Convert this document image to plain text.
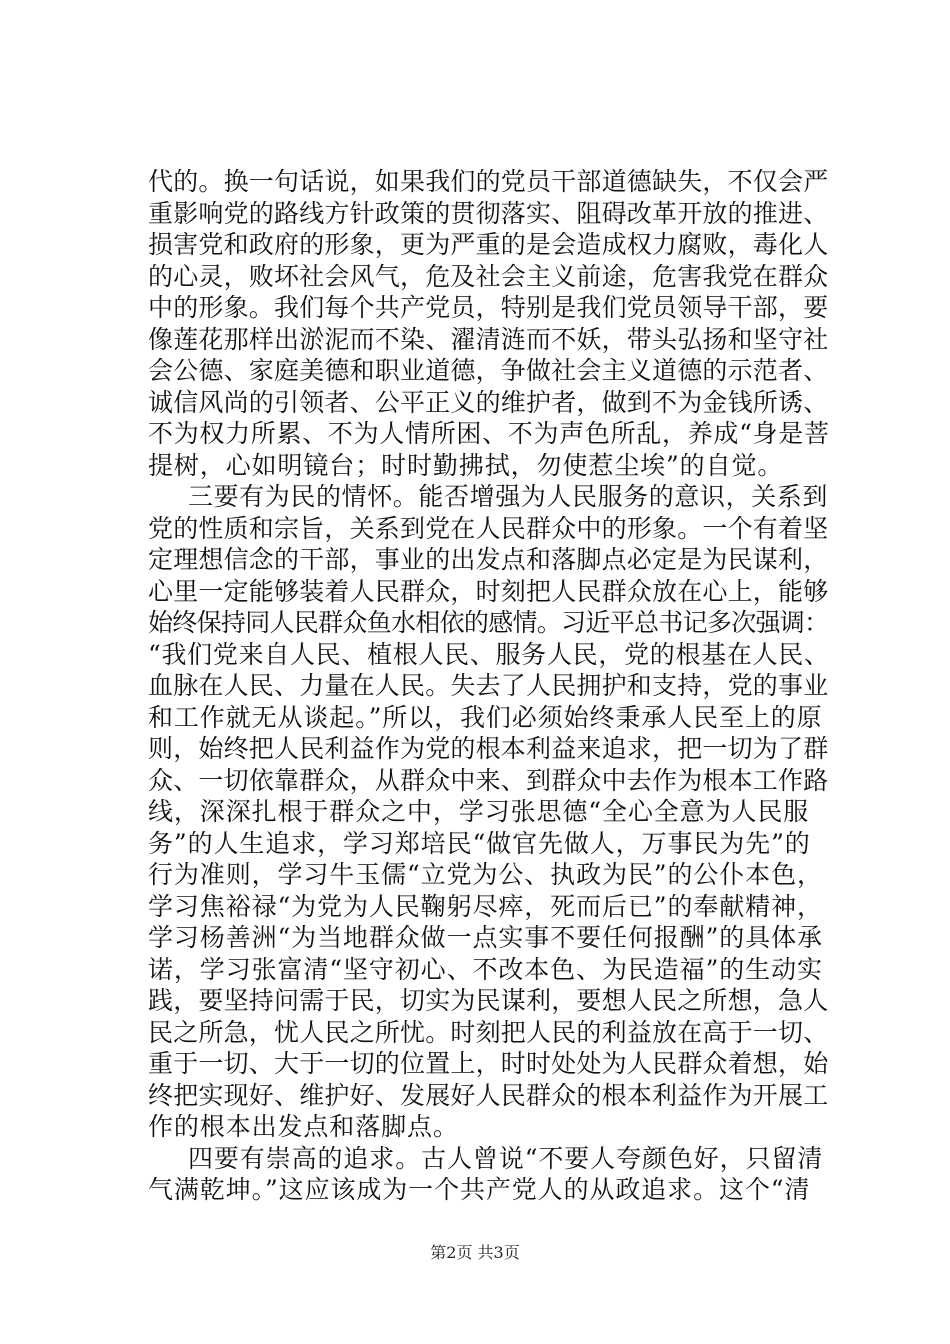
代的。换一句话说，如果我们的党员干部道德缺失，不仅会严
重影响党的路线方针政策的贯彻落实、阻碍改革开放的推进、
损害党和政府的形象，更为严重的是会造成权力腐败，毒化人
的心灵，败坏社会风气，危及社会主义前途，危害我党在群众
中的形象。我们每个共产党员，特别是我们党员领导干部，要
像莲花那样出淤泥而不染、濯清涟而不妖，带头弘扬和坚守社
会公德、家庭美德和职业道德，争做社会主义道德的示范者、
诚信风尚的引领者、公平正义的维护者，做到不为金钱所诱、
不为权力所累、不为人情所困、不为声色所乱，养成“身是菩
提树，心如明镜台；时时勤拂拭，勿使惹尘埃”的自觉。
三要有为民的情怀。能否增强为人民服务的意识，关系到
党的性质和宗旨，关系到党在人民群众中的形象。一个有着坚
定理想信念的干部，事业的出发点和落脚点必定是为民谋利，
心里一定能够装着人民群众，时刻把人民群众放在心上，能够
始终保持同人民群众鱼水相依的感情。习近平总书记多次强调：
“我们党来自人民、植根人民、服务人民，党的根基在人民、
血脉在人民、力量在人民。失去了人民拥护和支持，党的事业
和工作就无从谈起。”所以，我们必须始终秉承人民至上的原
则，始终把人民利益作为党的根本利益来追求，把一切为了群
众、一切依靠群众，从群众中来、到群众中去作为根本工作路
线，深深扎根于群众之中，学习张思德“全心全意为人民服
务”的人生追求，学习郑培民“做官先做人，万事民为先”的
行为准则，学习牛玉儒“立党为公、执政为民”的公仆本色，
学习焦裕禄“为党为人民鞠躬尽瘁，死而后已”的奉献精神，
学习杨善洲“为当地群众做一点实事不要任何报酬”的具体承
诺，学习张富清“坚守初心、不改本色、为民造福”的生动实
践，要坚持问需于民，切实为民谋利，要想人民之所想，急人
民之所急，忧人民之所忧。时刻把人民的利益放在高于一切、
重于一切、大于一切的位置上，时时处处为人民群众着想，始
终把实现好、维护好、发展好人民群众的根本利益作为开展工
作的根本出发点和落脚点。
四要有崇高的追求。古人曾说“不要人夸颜色好，只留清
气满乾坤。”这应该成为一个共产党人的从政追求。这个“清
第2页 共3页
